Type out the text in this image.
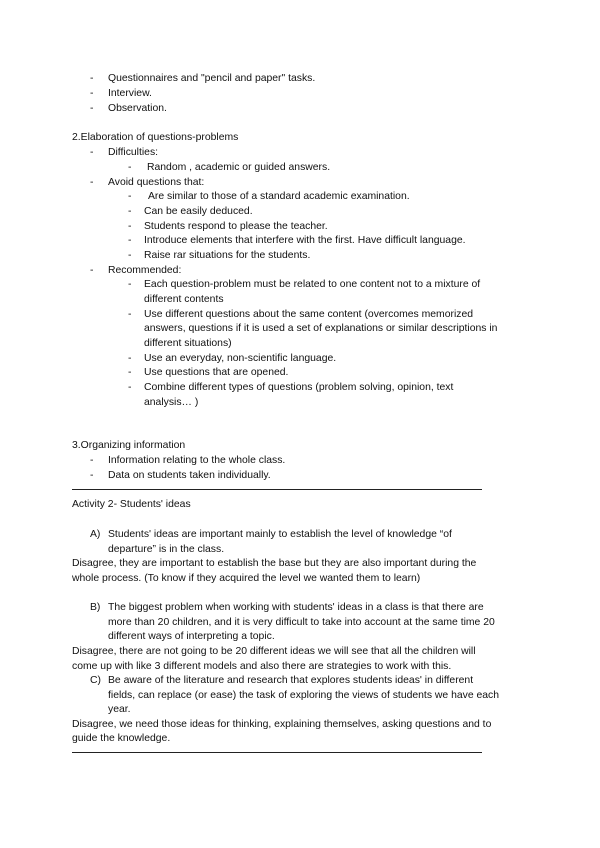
- Questionnaires and "pencil and paper" tasks.
- Interview.
- Observation.
2.Elaboration of questions-problems
- Difficulties:
- Random , academic or guided answers.
- Avoid questions that:
- Are similar to those of a standard academic examination.
- Can be easily deduced.
- Students respond to please the teacher.
- Introduce elements that interfere with the first. Have difficult language.
- Raise rar situations for the students.
- Recommended:
- Each question-problem must be related to one content not to a mixture of
different contents
- Use different questions about the same content (overcomes memorized
answers, questions if it is used a set of explanations or similar descriptions in
different situations)
- Use an everyday, non-scientific language.
- Use questions that are opened.
- Combine different types of questions (problem solving, opinion, text
analysis… )
3.Organizing information
- Information relating to the whole class.
- Data on students taken individually.
Activity 2- Students' ideas
A) Students' ideas are important mainly to establish the level of knowledge “of
departure” is in the class.
Disagree, they are important to establish the base but they are also important during the
whole process. (To know if they acquired the level we wanted them to learn)
B) The biggest problem when working with students' ideas in a class is that there are
more than 20 children, and it is very difficult to take into account at the same time 20
different ways of interpreting a topic.
Disagree, there are not going to be 20 different ideas we will see that all the children will
come up with like 3 different models and also there are strategies to work with this.
C) Be aware of the literature and research that explores students ideas' in different
fields, can replace (or ease) the task of exploring the views of students we have each
year.
Disagree, we need those ideas for thinking, explaining themselves, asking questions and to
guide the knowledge.
